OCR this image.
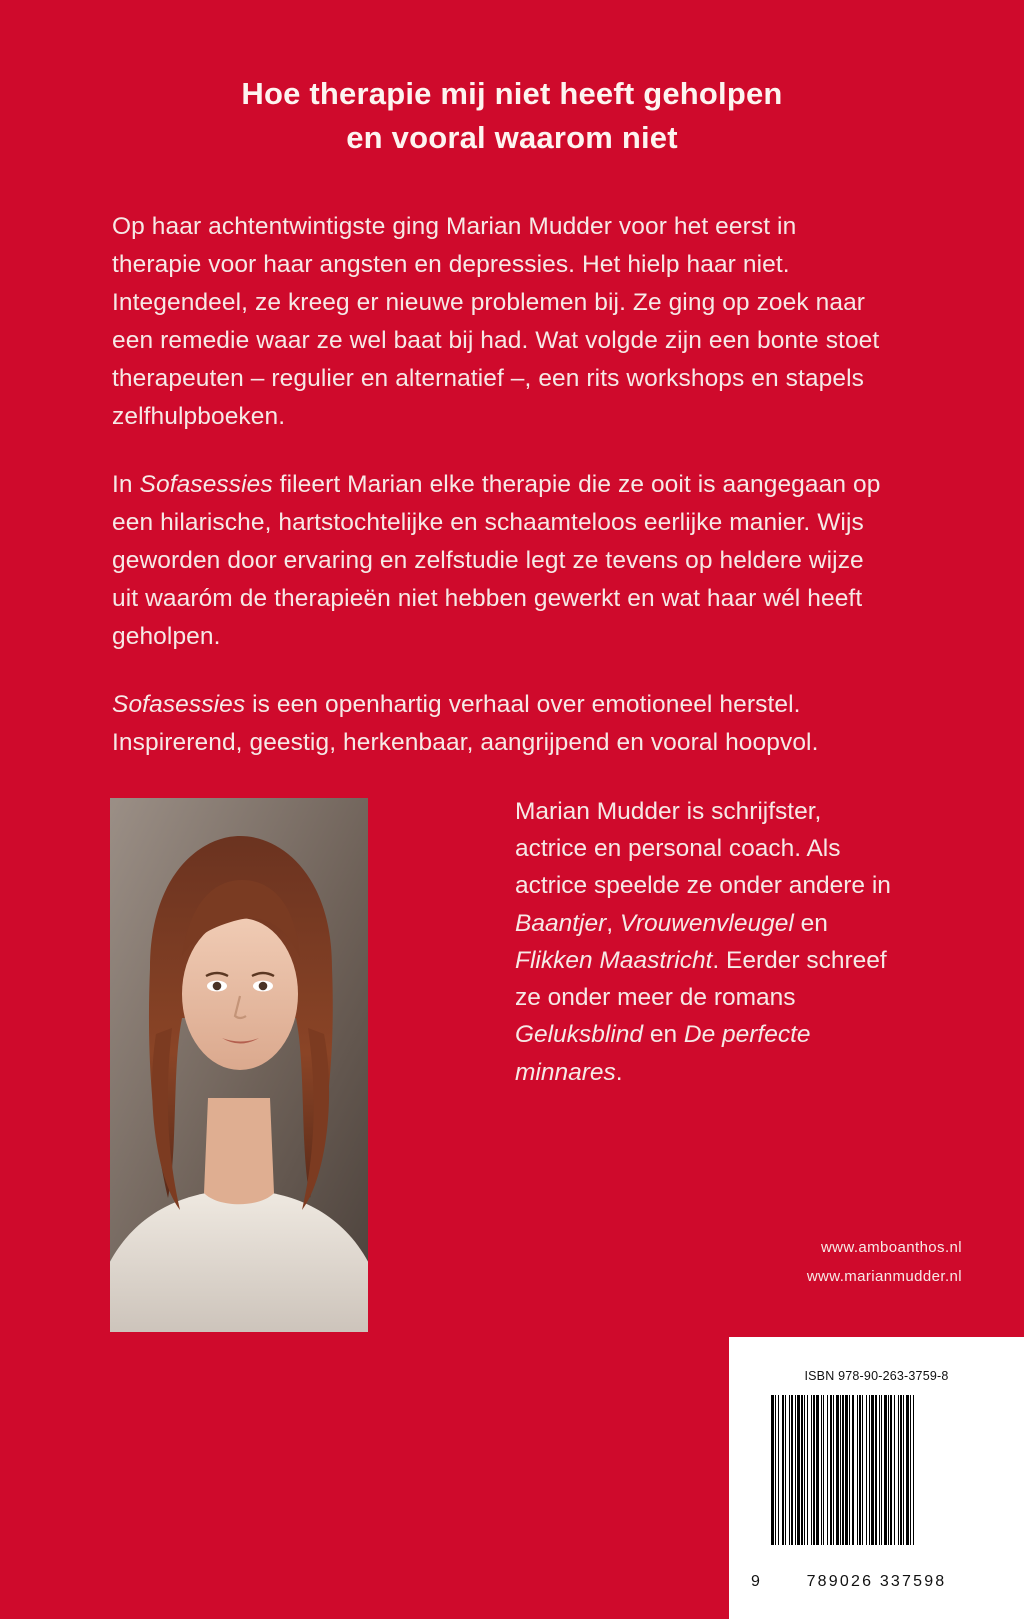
Hoe therapie mij niet heeft geholpen
en vooral waarom niet

Op haar achtentwintigste ging Marian Mudder voor het eerst in therapie voor haar angsten en depressies. Het hielp haar niet. Integendeel, ze kreeg er nieuwe problemen bij. Ze ging op zoek naar een remedie waar ze wel baat bij had. Wat volgde zijn een bonte stoet therapeuten – regulier en alternatief –, een rits workshops en stapels zelfhulpboeken.

In Sofasessies fileert Marian elke therapie die ze ooit is aangegaan op een hilarische, hartstochtelijke en schaamteloos eerlijke manier. Wijs geworden door ervaring en zelfstudie legt ze tevens op heldere wijze uit waaróm de therapieën niet hebben gewerkt en wat haar wél heeft geholpen.

Sofasessies is een openhartig verhaal over emotioneel herstel. Inspirerend, geestig, herkenbaar, aangrijpend en vooral hoopvol.

Marian Mudder is schrijfster, actrice en personal coach. Als actrice speelde ze onder andere in Baantjer, Vrouwenvleugel en Flikken Maastricht. Eerder schreef ze onder meer de romans Geluksblind en De perfecte minnares.
www.amboanthos.nl
www.marianmudder.nl
ISBN 978-90-263-3759-8
9	789026 337598
